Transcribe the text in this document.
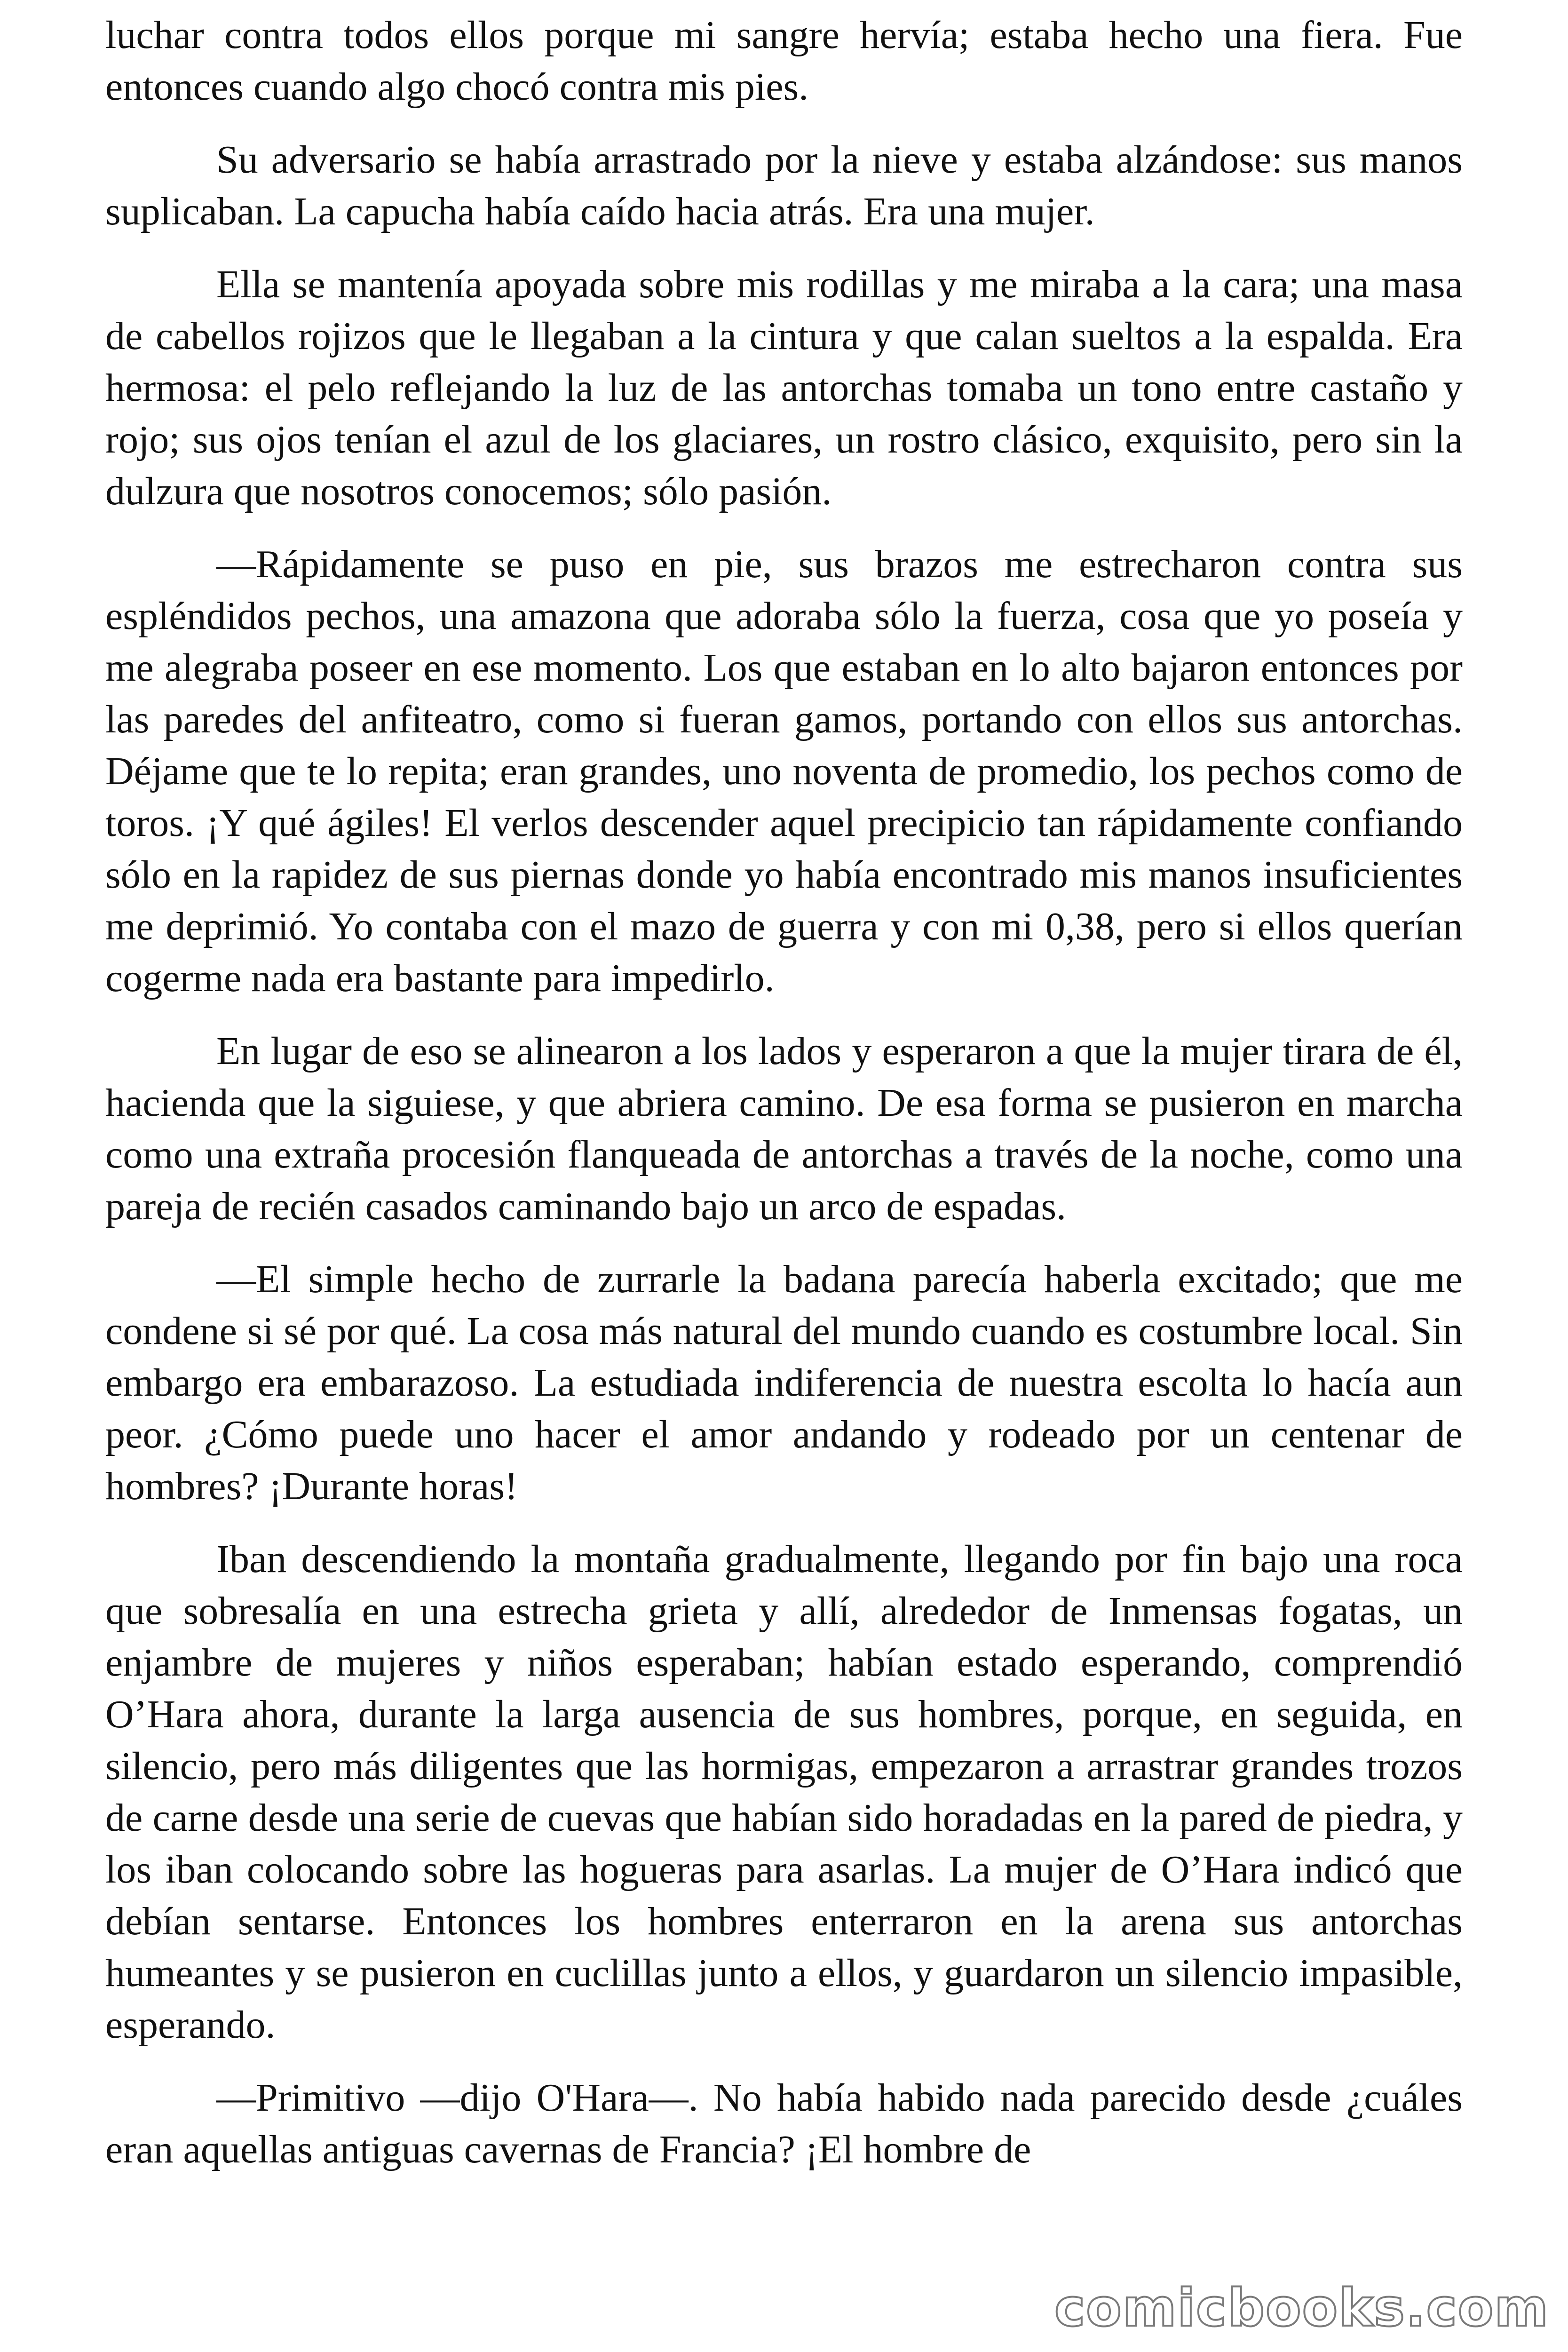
luchar contra todos ellos porque mi sangre hervía; estaba hecho una fiera. Fue entonces cuando algo chocó contra mis pies.

Su adversario se había arrastrado por la nieve y estaba alzándose: sus manos suplicaban. La capucha había caído hacia atrás. Era una mujer.

Ella se mantenía apoyada sobre mis rodillas y me miraba a la cara; una masa de cabellos rojizos que le llegaban a la cintura y que calan sueltos a la espalda. Era hermosa: el pelo reflejando la luz de las antorchas tomaba un tono entre castaño y rojo; sus ojos tenían el azul de los glaciares, un rostro clásico, exquisito, pero sin la dulzura que nosotros conocemos; sólo pasión.

—Rápidamente se puso en pie, sus brazos me estrecharon contra sus espléndidos pechos, una amazona que adoraba sólo la fuerza, cosa que yo poseía y me alegraba poseer en ese momento. Los que estaban en lo alto bajaron entonces por las paredes del anfiteatro, como si fueran gamos, portando con ellos sus antorchas. Déjame que te lo repita; eran grandes, uno noventa de promedio, los pechos como de toros. ¡Y qué ágiles! El verlos descender aquel precipicio tan rápidamente confiando sólo en la rapidez de sus piernas donde yo había encontrado mis manos insuficientes me deprimió. Yo contaba con el mazo de guerra y con mi 0,38, pero si ellos querían cogerme nada era bastante para impedirlo.

En lugar de eso se alinearon a los lados y esperaron a que la mujer tirara de él, hacienda que la siguiese, y que abriera camino. De esa forma se pusieron en marcha como una extraña procesión flanqueada de antorchas a través de la noche, como una pareja de recién casados caminando bajo un arco de espadas.

—El simple hecho de zurrarle la badana parecía haberla excitado; que me condene si sé por qué. La cosa más natural del mundo cuando es costumbre local. Sin embargo era embarazoso. La estudiada indiferencia de nuestra escolta lo hacía aun peor. ¿Cómo puede uno hacer el amor andando y rodeado por un centenar de hombres? ¡Durante horas!

Iban descendiendo la montaña gradualmente, llegando por fin bajo una roca que sobresalía en una estrecha grieta y allí, alrededor de Inmensas fogatas, un enjambre de mujeres y niños esperaban; habían estado esperando, comprendió O’Hara ahora, durante la larga ausencia de sus hombres, porque, en seguida, en silencio, pero más diligentes que las hormigas, empezaron a arrastrar grandes trozos de carne desde una serie de cuevas que habían sido horadadas en la pared de piedra, y los iban colocando sobre las hogueras para asarlas. La mujer de O’Hara indicó que debían sentarse. Entonces los hombres enterraron en la arena sus antorchas humeantes y se pusieron en cuclillas junto a ellos, y guardaron un silencio impasible, esperando.

—Primitivo —dijo O'Hara—. No había habido nada parecido desde ¿cuáles eran aquellas antiguas cavernas de Francia? ¡El hombre de

comicbooks.com
